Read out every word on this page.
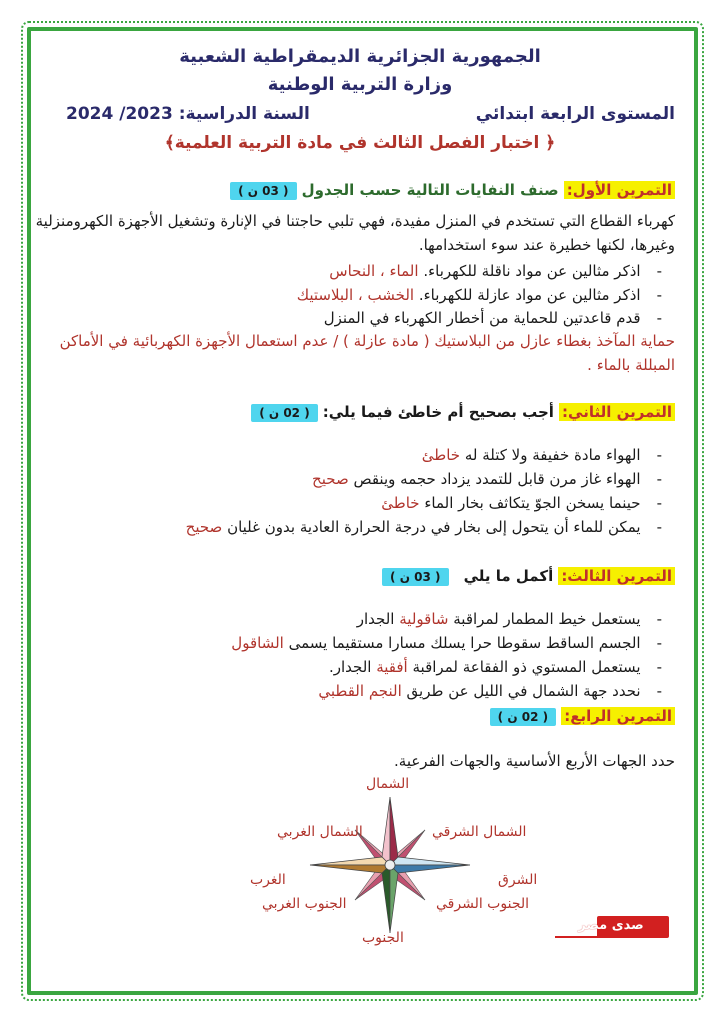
الجمهورية الجزائرية الديمقراطية الشعبية
وزارة التربية الوطنية
المستوى الرابعة ابتدائي
السنة الدراسية: 2023/ 2024
﴿ اختبار الفصل الثالث في مادة التربية العلمية﴾
التمرين الأول: صنف النفايات التالية حسب الجدول ( 03 ن )
كهرباء القطاع التي تستخدم في المنزل مفيدة، فهي تلبي حاجتنا في الإنارة وتشغيل الأجهزة الكهرومنزلية
وغيرها، لكنها خطيرة عند سوء استخدامها.
-اذكر مثالين عن مواد ناقلة للكهرباء. الماء ، النحاس
-اذكر مثالين عن مواد عازلة للكهرباء. الخشب ، البلاستيك
-قدم قاعدتين للحماية من أخطار الكهرباء في المنزل
حماية المآخذ بغطاء عازل من البلاستيك ( مادة عازلة ) / عدم استعمال الأجهزة الكهربائية في الأماكن
المبللة بالماء .
التمرين الثاني: أجب بصحيح أم خاطئ فيما يلي: ( 02 ن )
-الهواء مادة خفيفة ولا كتلة له خاطئ
-الهواء غاز مرن قابل للتمدد يزداد حجمه وينقص صحيح
-حينما يسخن الجوّ يتكاثف بخار الماء خاطئ
-يمكن للماء أن يتحول إلى بخار في درجة الحرارة العادية بدون غليان صحيح
التمرين الثالث: أكمل ما يلي ( 03 ن )
-يستعمل خيط المطمار لمراقبة شاقولية الجدار
-الجسم الساقط سقوطا حرا يسلك مسارا مستقيما يسمى الشاقول
-يستعمل المستوي ذو الفقاعة لمراقبة أفقية الجدار.
-نحدد جهة الشمال في الليل عن طريق النجم القطبي
التمرين الرابع: ( 02 ن )
حدد الجهات الأربع الأساسية والجهات الفرعية.
الشمال
الشمال الشرقي
الشمال الغربي
الشرق
الغرب
الجنوب الشرقي
الجنوب الغربي
الجنوب
صدى مصر
